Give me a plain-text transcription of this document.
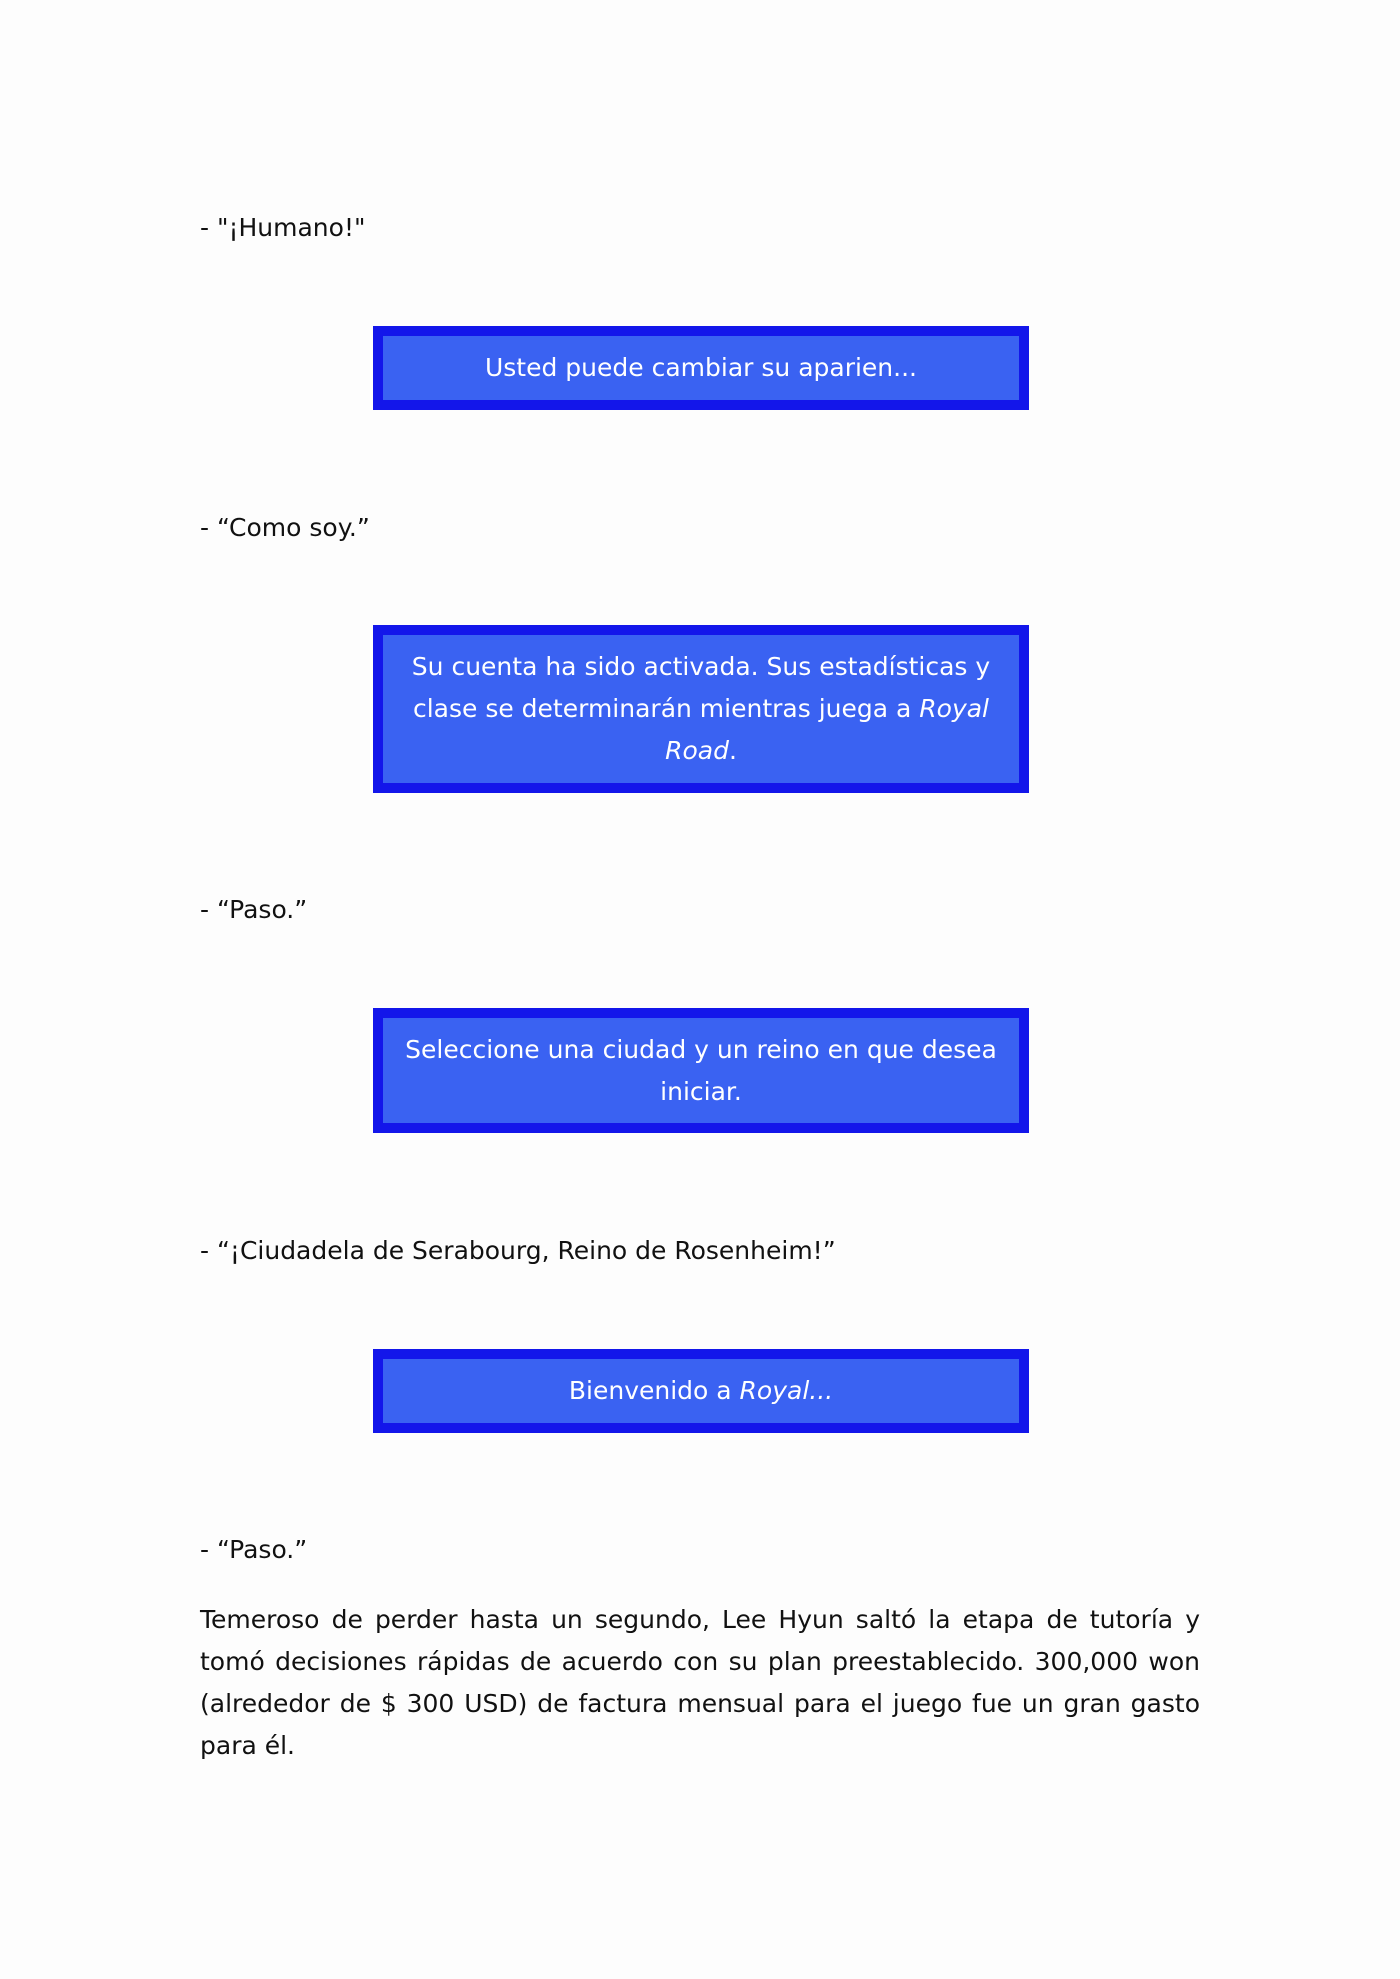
- "¡Humano!"
Usted puede cambiar su aparien...
- “Como soy.”
Su cuenta ha sido activada. Sus estadísticas y clase se determinarán mientras juega a Royal Road.
- “Paso.”
Seleccione una ciudad y un reino en que desea iniciar.
- “¡Ciudadela de Serabourg, Reino de Rosenheim!”
Bienvenido a Royal...
- “Paso.”
Temeroso de perder hasta un segundo, Lee Hyun saltó la etapa de tutoría y tomó decisiones rápidas de acuerdo con su plan preestablecido. 300,000 won (alrededor de $ 300 USD) de factura mensual para el juego fue un gran gasto para él.
